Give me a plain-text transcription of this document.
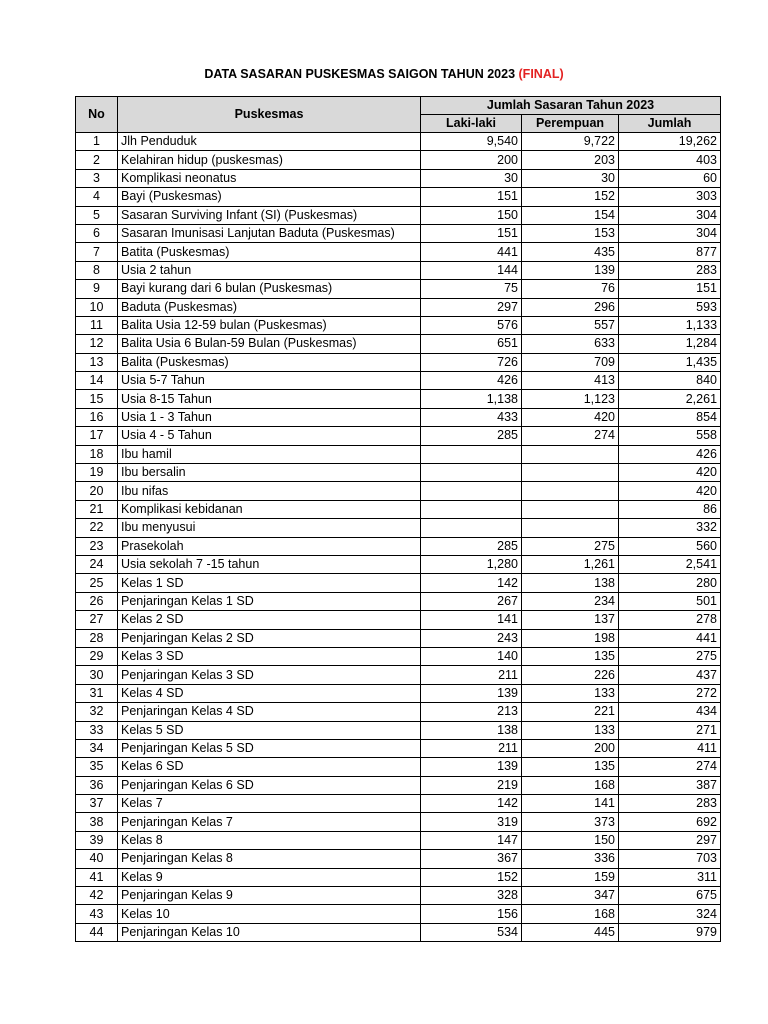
DATA SASARAN PUSKESMAS SAIGON TAHUN 2023 (FINAL)
No	Puskesmas	Jumlah Sasaran Tahun 2023		
		Laki-laki	Perempuan	Jumlah
1	Jlh Penduduk	9,540	9,722	19,262
2	Kelahiran hidup (puskesmas)	200	203	403
3	Komplikasi neonatus	30	30	60
4	Bayi (Puskesmas)	151	152	303
5	Sasaran Surviving Infant (SI) (Puskesmas)	150	154	304
6	Sasaran Imunisasi Lanjutan Baduta (Puskesmas)	151	153	304
7	Batita (Puskesmas)	441	435	877
8	Usia 2 tahun	144	139	283
9	Bayi kurang dari 6 bulan (Puskesmas)	75	76	151
10	Baduta (Puskesmas)	297	296	593
11	Balita Usia 12-59 bulan (Puskesmas)	576	557	1,133
12	Balita Usia 6 Bulan-59 Bulan (Puskesmas)	651	633	1,284
13	Balita (Puskesmas)	726	709	1,435
14	Usia 5-7 Tahun	426	413	840
15	Usia 8-15 Tahun	1,138	1,123	2,261
16	Usia 1 - 3 Tahun	433	420	854
17	Usia 4 - 5 Tahun	285	274	558
18	Ibu hamil			426
19	Ibu bersalin			420
20	Ibu nifas			420
21	Komplikasi kebidanan			86
22	Ibu menyusui			332
23	Prasekolah	285	275	560
24	Usia sekolah 7 -15 tahun	1,280	1,261	2,541
25	Kelas 1 SD	142	138	280
26	Penjaringan Kelas 1 SD	267	234	501
27	Kelas 2 SD	141	137	278
28	Penjaringan Kelas 2 SD	243	198	441
29	Kelas 3 SD	140	135	275
30	Penjaringan Kelas 3 SD	211	226	437
31	Kelas 4 SD	139	133	272
32	Penjaringan Kelas 4 SD	213	221	434
33	Kelas 5 SD	138	133	271
34	Penjaringan Kelas 5 SD	211	200	411
35	Kelas 6 SD	139	135	274
36	Penjaringan Kelas 6 SD	219	168	387
37	Kelas 7	142	141	283
38	Penjaringan Kelas 7	319	373	692
39	Kelas 8	147	150	297
40	Penjaringan Kelas 8	367	336	703
41	Kelas 9	152	159	311
42	Penjaringan Kelas 9	328	347	675
43	Kelas 10	156	168	324
44	Penjaringan Kelas 10	534	445	979
